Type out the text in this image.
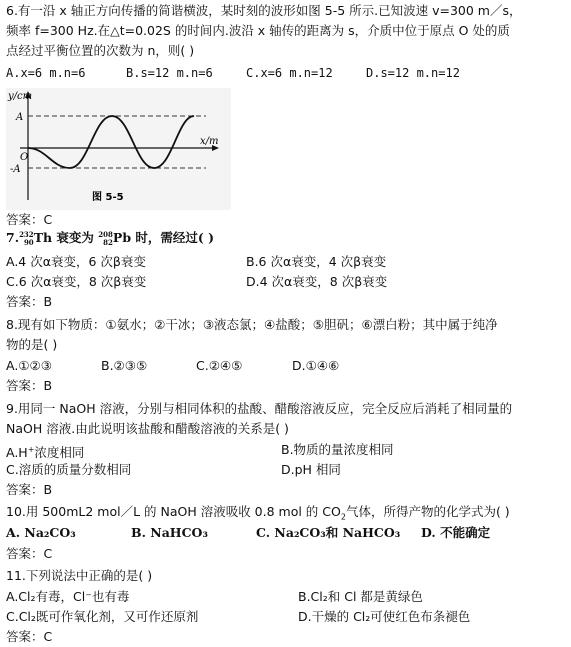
6.有一沿 x 轴正方向传播的简谐横波，某时刻的波形如图 5-5 所示.已知波速 v=300 m／s，
频率 f=300 Hz.在△t=0.02S 的时间内.波沿 x 轴传的距离为 s，介质中位于原点 O 处的质
点经过平衡位置的次数为 n，则( )
A.x=6 m.n=6	B.s=12 m.n=6	C.x=6 m.n=12	D.s=12 m.n=12
y/cm
A
O
-A
x/m
图 5-5
答案：C
7.232
90Th 衰变为 208
82Pb 时，需经过( )
A.4 次α衰变，6 次β衰变	B.6 次α衰变，4 次β衰变
C.6 次α衰变，8 次β衰变	D.4 次α衰变，8 次β衰变
答案：B
8.现有如下物质：①氨水；②干冰；③液态氯；④盐酸；⑤胆矾；⑥漂白粉；其中属于纯净
物的是( )
A.①②③	B.②③⑤	C.②④⑤	D.①④⑥
答案：B
9.用同一 NaOH 溶液，分别与相同体积的盐酸、醋酸溶液反应，完全反应后消耗了相同量的
NaOH 溶液.由此说明该盐酸和醋酸溶液的关系是( )
A.H+浓度相同	B.物质的量浓度相同
C.溶质的质量分数相同	D.pH 相同
答案：B
10.用 500mL2 mol／L 的 NaOH 溶液吸收 0.8 mol 的 $CO_2$气体，所得产物的化学式为( )
A. Na₂CO₃	B. NaHCO₃	C. Na₂CO₃和 NaHCO₃ D. 不能确定
答案：C
11.下列说法中正确的是( )
A.Cl₂有毒，Cl⁻也有毒	B.Cl₂和 Cl 都是黄绿色
C.Cl₂既可作氧化剂，又可作还原剂	D.干燥的 Cl₂可使红色布条褪色
答案：C
